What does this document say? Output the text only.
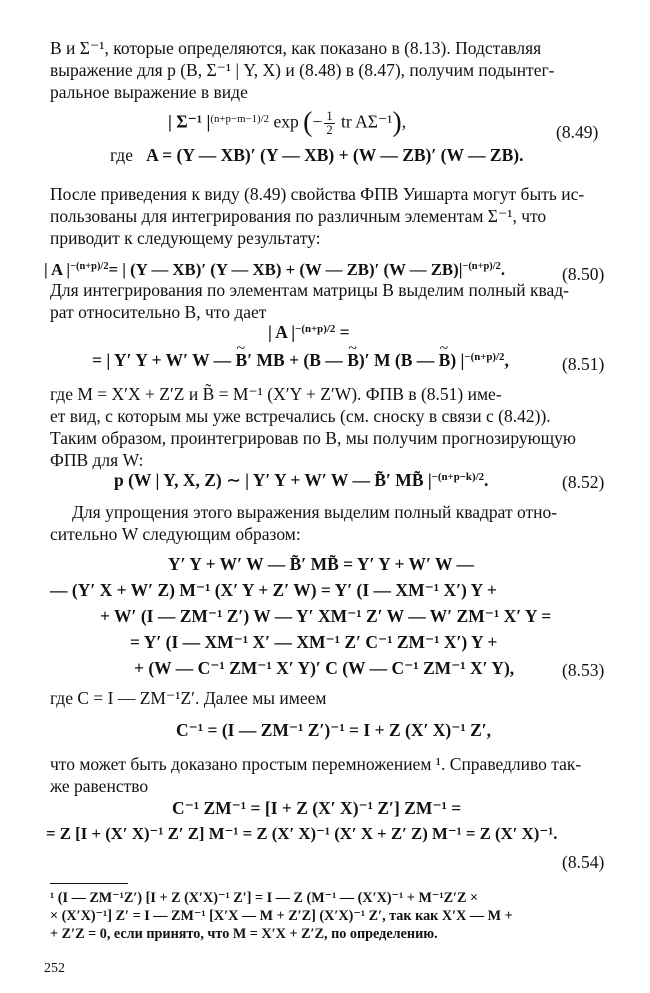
B и Σ⁻¹, которые определяются, как показано в (8.13). Подставляя
выражение для p (B, Σ⁻¹ | Y, X) и (8.48) в (8.47), получим подынтег-
ральное выражение в виде
| Σ⁻¹ $|^{(n+p-m-1)/2}$ exp (− $\frac{1}{2}$ tr AΣ⁻¹),
(8.49)
где A = (Y — XB)′ (Y — XB) + (W — ZB)′ (W — ZB).
После приведения к виду (8.49) свойства ФПВ Уишарта могут быть ис-
пользованы для интегрирования по различным элементам Σ⁻¹, что
приводит к следующему результату:
| A $|^{-(n+p)/2}=$ | (Y — XB)′ (Y — XB) + (W — ZB)′ (W — $ZB)|^{-(n+p)/2}$.	(8.50)
Для интегрирования по элементам матрицы B выделим полный квад-
рат относительно B, что дает
| A $|^{-(n+p)/2}$ =
= | Y′ Y + W′ W — ~ B′ MB + (B — ~ B)′ M (B — ~ B) $|^{-(n+p)/2}$,	(8.51)
где M = X′X + Z′Z и B̃ = M⁻¹ (X′Y + Z′W). ФПВ в (8.51) име-
ет вид, с которым мы уже встречались (см. сноску в связи с (8.42)).
Таким образом, проинтегрировав по B, мы получим прогнозирующую
ФПВ для W:
p (W | Y, X, Z) ∼ | Y′ Y + W′ W — B̃′ MB̃ $|^{-(n+p-k)/2}$.	(8.52)
Для упрощения этого выражения выделим полный квадрат отно-
сительно W следующим образом:
Y′ Y + W′ W — B̃′ MB̃ = Y′ Y + W′ W —
— (Y′ X + W′ Z) M⁻¹ (X′ Y + Z′ W) = Y′ (I — XM⁻¹ X′) Y +
+ W′ (I — ZM⁻¹ Z′) W — Y′ XM⁻¹ Z′ W — W′ ZM⁻¹ X′ Y =
= Y′ (I — XM⁻¹ X′ — XM⁻¹ Z′ C⁻¹ ZM⁻¹ X′) Y +
+ (W — C⁻¹ ZM⁻¹ X′ Y)′ C (W — C⁻¹ ZM⁻¹ X′ Y),	(8.53)
где C = I — ZM⁻¹Z′. Далее мы имеем
C⁻¹ = (I — ZM⁻¹ Z′)⁻¹ = I + Z (X′ X)⁻¹ Z′,
что может быть доказано простым перемножением ¹. Справедливо так-
же равенство
C⁻¹ ZM⁻¹ = [I + Z (X′ X)⁻¹ Z′] ZM⁻¹ =
= Z [I + (X′ X)⁻¹ Z′ Z] M⁻¹ = Z (X′ X)⁻¹ (X′ X + Z′ Z) M⁻¹ = Z (X′ X)⁻¹.
(8.54)
¹ (I — ZM⁻¹Z′) [I + Z (X′X)⁻¹ Z′] = I — Z (M⁻¹ — (X′X)⁻¹ + M⁻¹Z′Z ×
× (X′X)⁻¹] Z′ = I — ZM⁻¹ [X′X — M + Z′Z] (X′X)⁻¹ Z′, так как X′X — M +
+ Z′Z = 0, если принято, что M = X′X + Z′Z, по определению.
252
